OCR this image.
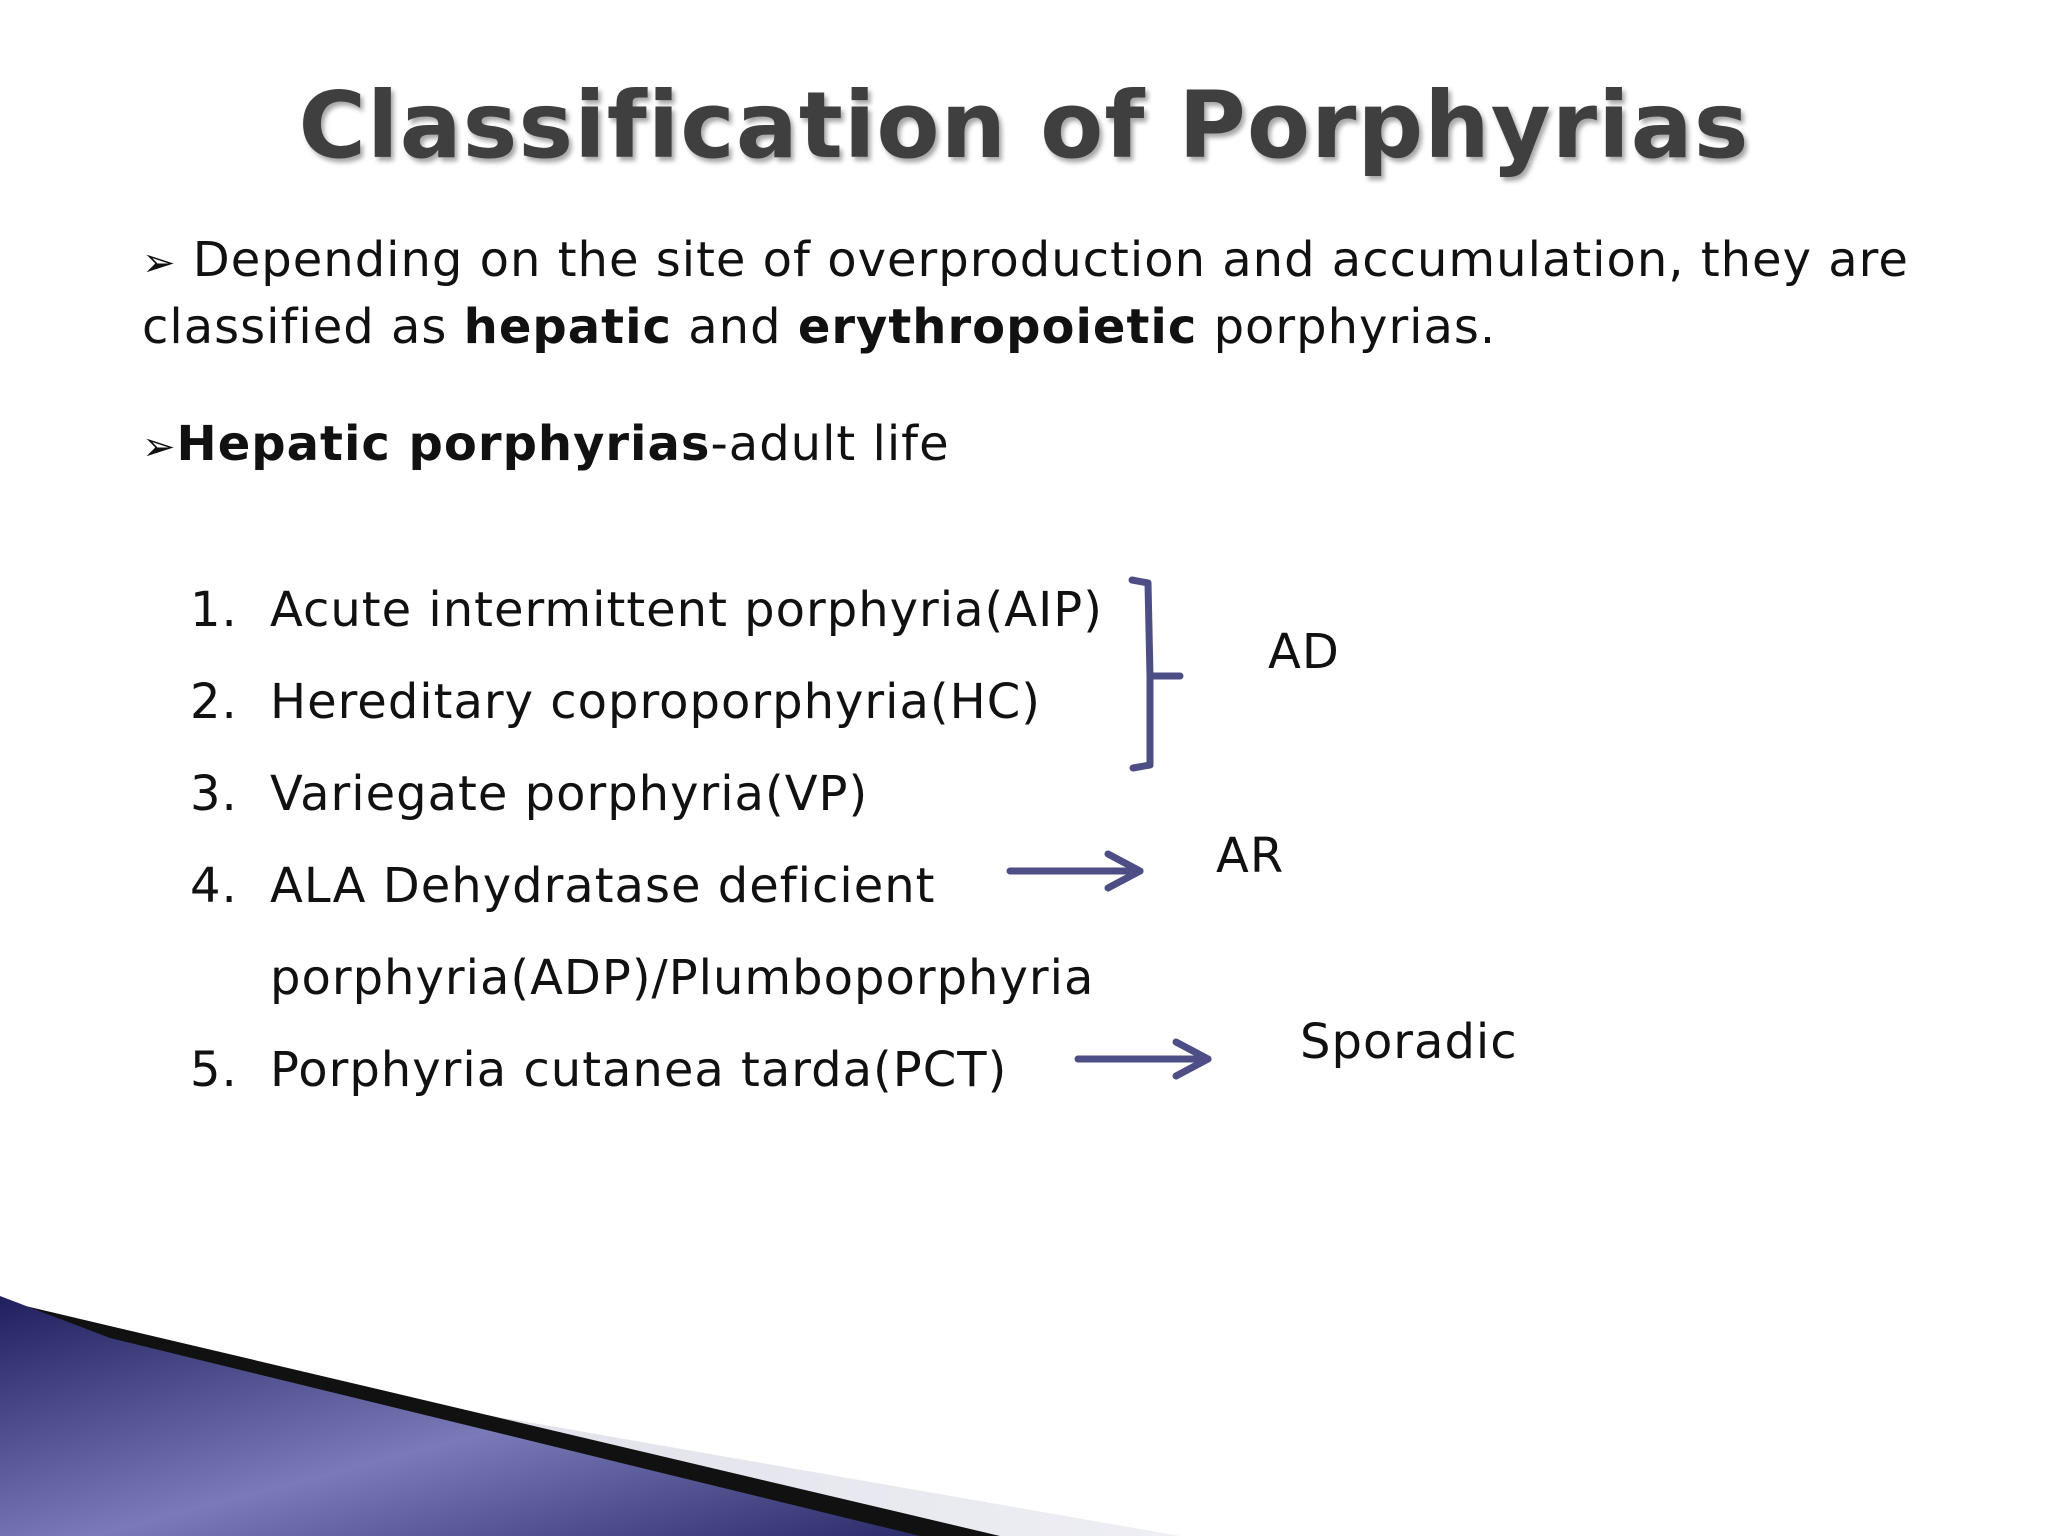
Classification of Porphyrias
➢ Depending on the site of overproduction and accumulation, they are classified as hepatic and erythropoietic porphyrias.
➢Hepatic porphyrias-adult life
1. Acute intermittent porphyria(AIP)
2. Hereditary coproporphyria(HC)
3. Variegate porphyria(VP)
4. ALA Dehydratase deficient
porphyria(ADP)/Plumboporphyria
5. Porphyria cutanea tarda(PCT)
AD
AR
Sporadic
